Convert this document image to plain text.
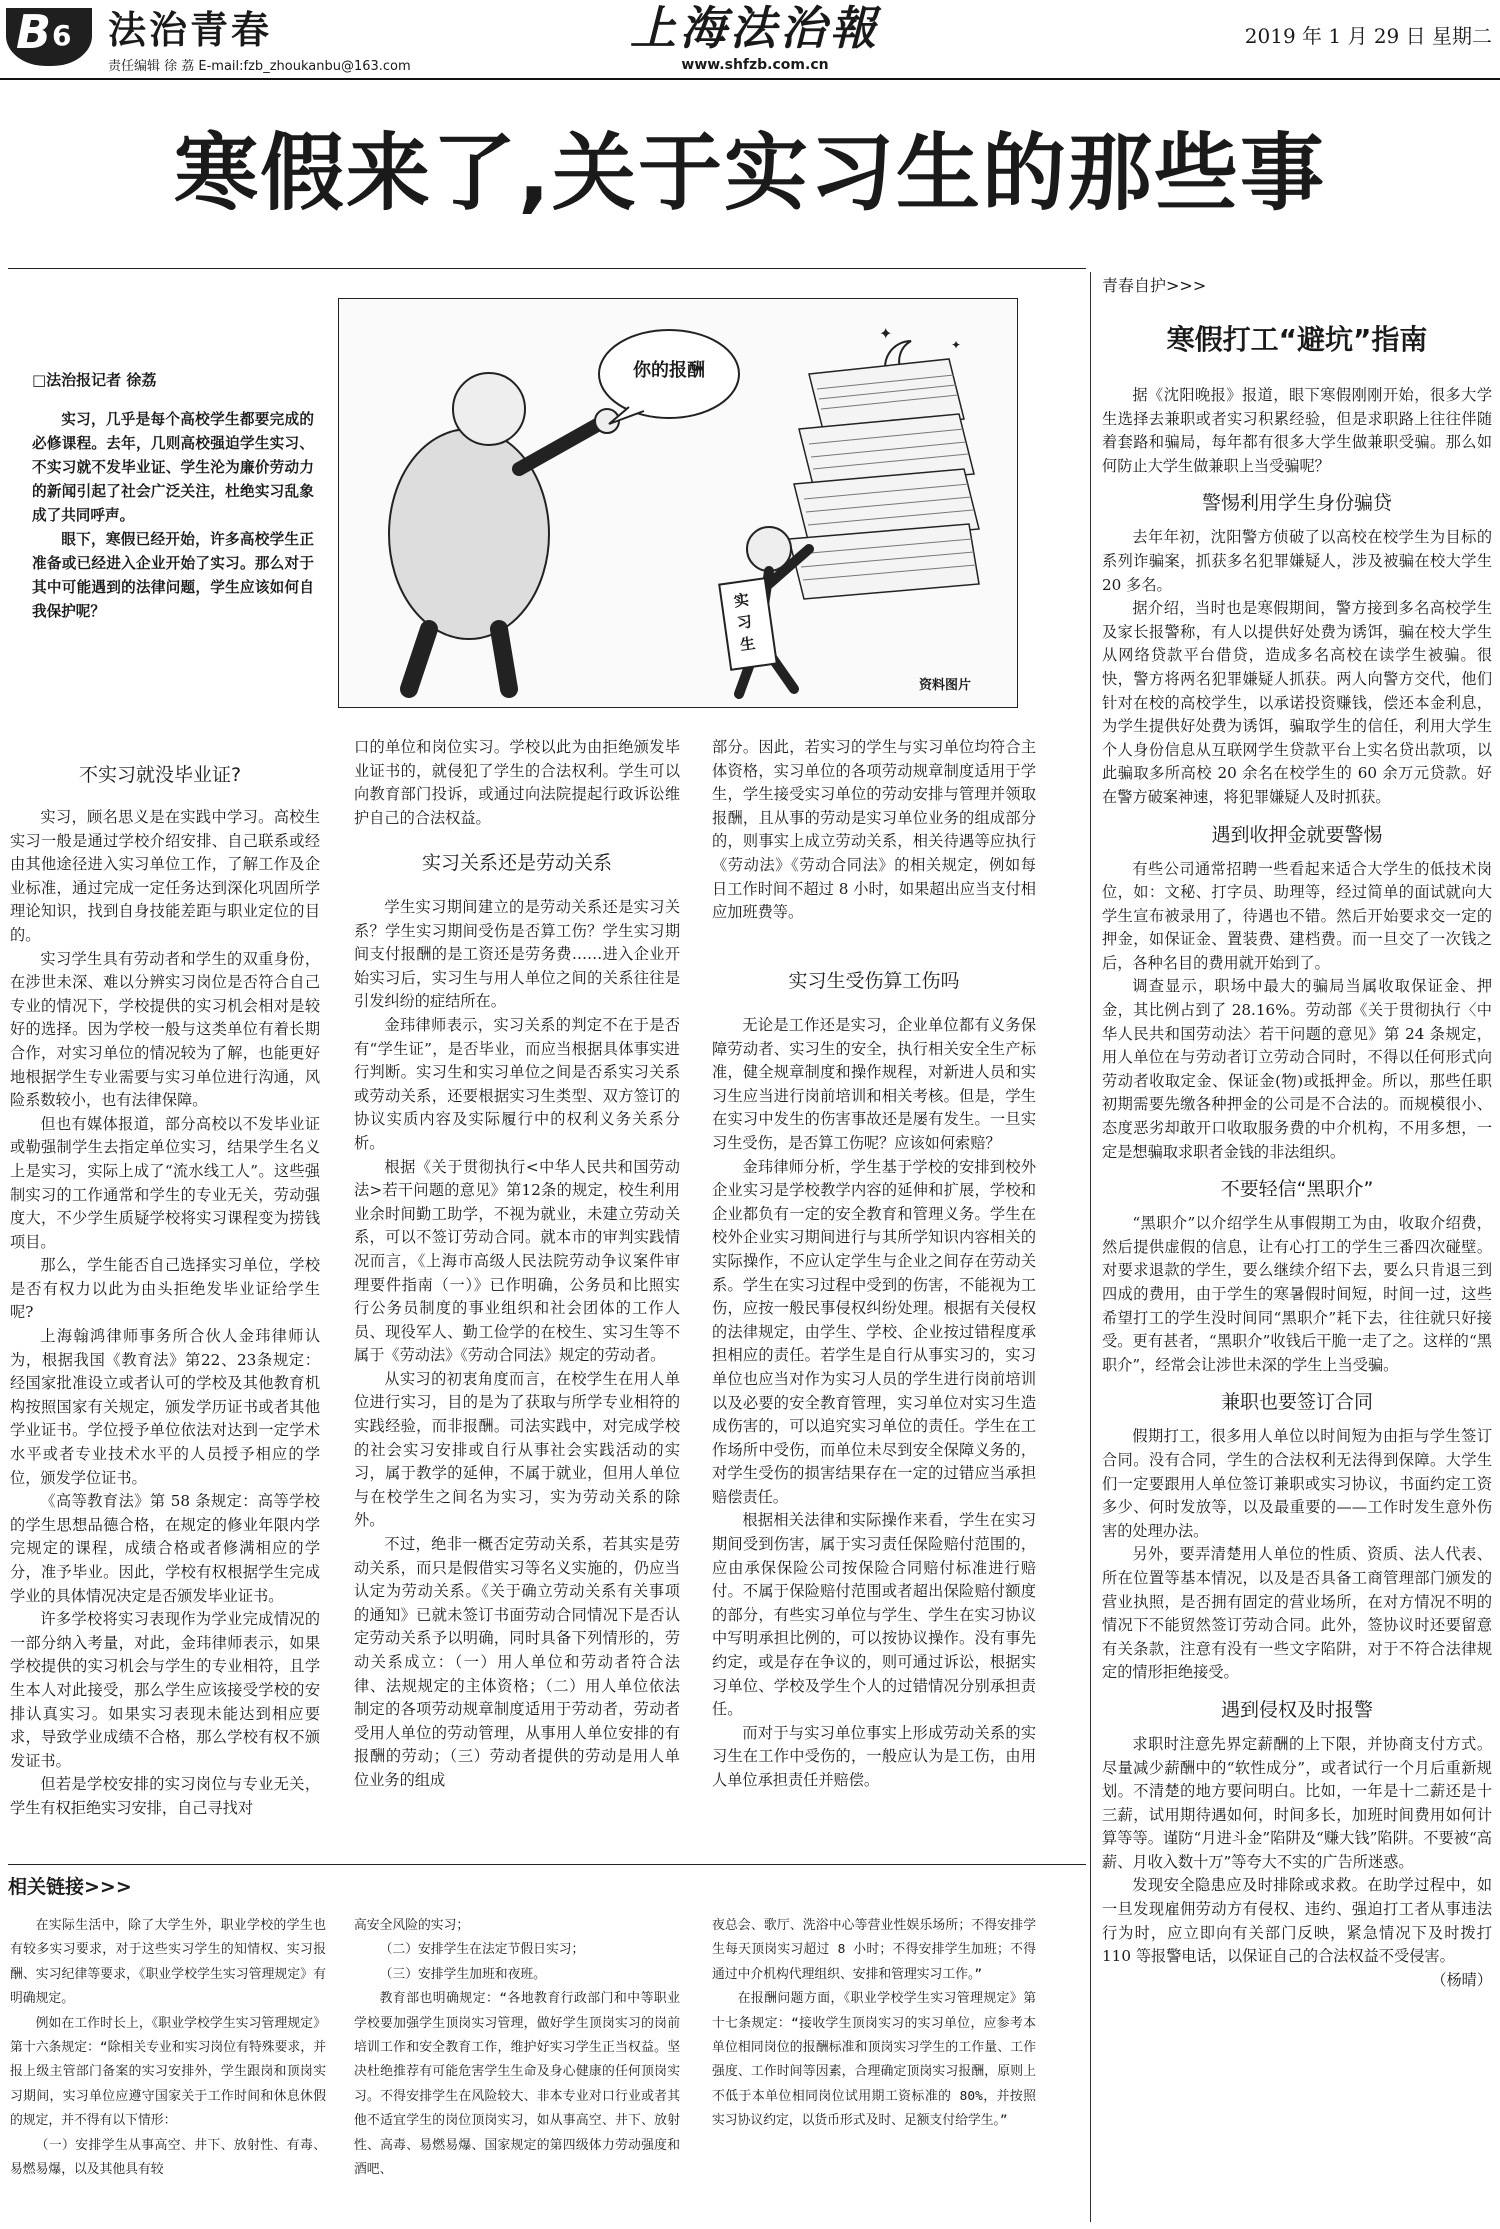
B 6 法治青春
责任编辑 徐 荔 E-mail:fzb_zhoukanbu@163.com
上海法治報
www.shfzb.com.cn
2019 年 1 月 29 日 星期二
寒假来了,关于实习生的那些事
□法治报记者 徐荔

实习，几乎是每个高校学生都要完成的必修课程。去年，几则高校强迫学生实习、不实习就不发毕业证、学生沦为廉价劳动力的新闻引起了社会广泛关注，杜绝实习乱象成了共同呼声。

眼下，寒假已经开始，许多高校学生正准备或已经进入企业开始了实习。那么对于其中可能遇到的法律问题，学生应该如何自我保护呢？

✦
✦
你的报酬
实习生
资料图片
不实习就没毕业证?

实习，顾名思义是在实践中学习。高校生实习一般是通过学校介绍安排、自己联系或经由其他途径进入实习单位工作，了解工作及企业标准，通过完成一定任务达到深化巩固所学理论知识，找到自身技能差距与职业定位的目的。

实习学生具有劳动者和学生的双重身份，在涉世未深、难以分辨实习岗位是否符合自己专业的情况下，学校提供的实习机会相对是较好的选择。因为学校一般与这类单位有着长期合作，对实习单位的情况较为了解，也能更好地根据学生专业需要与实习单位进行沟通，风险系数较小，也有法律保障。

但也有媒体报道，部分高校以不发毕业证或勒强制学生去指定单位实习，结果学生名义上是实习，实际上成了“流水线工人”。这些强制实习的工作通常和学生的专业无关，劳动强度大，不少学生质疑学校将实习课程变为捞钱项目。

那么，学生能否自己选择实习单位，学校是否有权力以此为由头拒绝发毕业证给学生呢?

上海翰鸿律师事务所合伙人金玮律师认为，根据我国《教育法》第22、23条规定：经国家批准设立或者认可的学校及其他教育机构按照国家有关规定，颁发学历证书或者其他学业证书。学位授予单位依法对达到一定学术水平或者专业技术水平的人员授予相应的学位，颁发学位证书。

《高等教育法》第 58 条规定：高等学校的学生思想品德合格，在规定的修业年限内学完规定的课程，成绩合格或者修满相应的学分，准予毕业。因此，学校有权根据学生完成学业的具体情况决定是否颁发毕业证书。

许多学校将实习表现作为学业完成情况的一部分纳入考量，对此，金玮律师表示，如果学校提供的实习机会与学生的专业相符，且学生本人对此接受，那么学生应该接受学校的安排认真实习。如果实习表现未能达到相应要求，导致学业成绩不合格，那么学校有权不颁发证书。

但若是学校安排的实习岗位与专业无关，学生有权拒绝实习安排，自己寻找对

口的单位和岗位实习。学校以此为由拒绝颁发毕业证书的，就侵犯了学生的合法权利。学生可以向教育部门投诉，或通过向法院提起行政诉讼维护自己的合法权益。

实习关系还是劳动关系

学生实习期间建立的是劳动关系还是实习关系？学生实习期间受伤是否算工伤？学生实习期间支付报酬的是工资还是劳务费……进入企业开始实习后，实习生与用人单位之间的关系往往是引发纠纷的症结所在。

金玮律师表示，实习关系的判定不在于是否有“学生证”，是否毕业，而应当根据具体事实进行判断。实习生和实习单位之间是否系实习关系或劳动关系，还要根据实习生类型、双方签订的协议实质内容及实际履行中的权利义务关系分析。

根据《关于贯彻执行<中华人民共和国劳动法>若干问题的意见》第12条的规定，校生利用业余时间勤工助学，不视为就业，未建立劳动关系，可以不签订劳动合同。就本市的审判实践情况而言，《上海市高级人民法院劳动争议案件审理要件指南（一）》已作明确，公务员和比照实行公务员制度的事业组织和社会团体的工作人员、现役军人、勤工俭学的在校生、实习生等不属于《劳动法》《劳动合同法》规定的劳动者。

从实习的初衷角度而言，在校学生在用人单位进行实习，目的是为了获取与所学专业相符的实践经验，而非报酬。司法实践中，对完成学校的社会实习安排或自行从事社会实践活动的实习，属于教学的延伸，不属于就业，但用人单位与在校学生之间名为实习，实为劳动关系的除外。

不过，绝非一概否定劳动关系，若其实是劳动关系，而只是假借实习等名义实施的，仍应当认定为劳动关系。《关于确立劳动关系有关事项的通知》已就未签订书面劳动合同情况下是否认定劳动关系予以明确，同时具备下列情形的，劳动关系成立：（一）用人单位和劳动者符合法律、法规规定的主体资格；（二）用人单位依法制定的各项劳动规章制度适用于劳动者，劳动者受用人单位的劳动管理，从事用人单位安排的有报酬的劳动；（三）劳动者提供的劳动是用人单位业务的组成

部分。因此，若实习的学生与实习单位均符合主体资格，实习单位的各项劳动规章制度适用于学生，学生接受实习单位的劳动安排与管理并领取报酬，且从事的劳动是实习单位业务的组成部分的，则事实上成立劳动关系，相关待遇等应执行《劳动法》《劳动合同法》的相关规定，例如每日工作时间不超过 8 小时，如果超出应当支付相应加班费等。

实习生受伤算工伤吗

无论是工作还是实习，企业单位都有义务保障劳动者、实习生的安全，执行相关安全生产标准，健全规章制度和操作规程，对新进人员和实习生应当进行岗前培训和相关考核。但是，学生在实习中发生的伤害事故还是屡有发生。一旦实习生受伤，是否算工伤呢？应该如何索赔？

金玮律师分析，学生基于学校的安排到校外企业实习是学校教学内容的延伸和扩展，学校和企业都负有一定的安全教育和管理义务。学生在校外企业实习期间进行与其所学知识内容相关的实际操作，不应认定学生与企业之间存在劳动关系。学生在实习过程中受到的伤害，不能视为工伤，应按一般民事侵权纠纷处理。根据有关侵权的法律规定，由学生、学校、企业按过错程度承担相应的责任。若学生是自行从事实习的，实习单位也应当对作为实习人员的学生进行岗前培训以及必要的安全教育管理，实习单位对实习生造成伤害的，可以追究实习单位的责任。学生在工作场所中受伤，而单位未尽到安全保障义务的，对学生受伤的损害结果存在一定的过错应当承担赔偿责任。

根据相关法律和实际操作来看，学生在实习期间受到伤害，属于实习责任保险赔付范围的，应由承保保险公司按保险合同赔付标准进行赔付。不属于保险赔付范围或者超出保险赔付额度的部分，有些实习单位与学生、学生在实习协议中写明承担比例的，可以按协议操作。没有事先约定，或是存在争议的，则可通过诉讼，根据实习单位、学校及学生个人的过错情况分别承担责任。

而对于与实习单位事实上形成劳动关系的实习生在工作中受伤的，一般应认为是工伤，由用人单位承担责任并赔偿。

相关链接>>>

在实际生活中，除了大学生外，职业学校的学生也有较多实习要求，对于这些实习学生的知情权、实习报酬、实习纪律等要求，《职业学校学生实习管理规定》有明确规定。

例如在工作时长上，《职业学校学生实习管理规定》第十六条规定：“除相关专业和实习岗位有特殊要求，并报上级主管部门备案的实习安排外，学生跟岗和顶岗实习期间，实习单位应遵守国家关于工作时间和休息休假的规定，并不得有以下情形：

（一）安排学生从事高空、井下、放射性、有毒、易燃易爆，以及其他具有较

高安全风险的实习；

（二）安排学生在法定节假日实习；

（三）安排学生加班和夜班。

教育部也明确规定：“各地教育行政部门和中等职业学校要加强学生顶岗实习管理，做好学生顶岗实习的岗前培训工作和安全教育工作，维护好实习学生正当权益。坚决杜绝推荐有可能危害学生生命及身心健康的任何顶岗实习。不得安排学生在风险较大、非本专业对口行业或者其他不适宜学生的岗位顶岗实习，如从事高空、井下、放射性、高毒、易燃易爆、国家规定的第四级体力劳动强度和酒吧、

夜总会、歌厅、洗浴中心等营业性娱乐场所；不得安排学生每天顶岗实习超过 8 小时；不得安排学生加班；不得通过中介机构代理组织、安排和管理实习工作。”

在报酬问题方面，《职业学校学生实习管理规定》第十七条规定：“接收学生顶岗实习的实习单位，应参考本单位相同岗位的报酬标准和顶岗实习学生的工作量、工作强度、工作时间等因素，合理确定顶岗实习报酬，原则上不低于本单位相同岗位试用期工资标准的 80%，并按照实习协议约定，以货币形式及时、足额支付给学生。”

青春自护>>>
寒假打工“避坑”指南

据《沈阳晚报》报道，眼下寒假刚刚开始，很多大学生选择去兼职或者实习积累经验，但是求职路上往往伴随着套路和骗局，每年都有很多大学生做兼职受骗。那么如何防止大学生做兼职上当受骗呢？

警惕利用学生身份骗贷

去年年初，沈阳警方侦破了以高校在校学生为目标的系列诈骗案，抓获多名犯罪嫌疑人，涉及被骗在校大学生 20 多名。

据介绍，当时也是寒假期间，警方接到多名高校学生及家长报警称，有人以提供好处费为诱饵，骗在校大学生从网络贷款平台借贷，造成多名高校在读学生被骗。很快，警方将两名犯罪嫌疑人抓获。两人向警方交代，他们针对在校的高校学生，以承诺投资赚钱，偿还本金利息，为学生提供好处费为诱饵，骗取学生的信任，利用大学生个人身份信息从互联网学生贷款平台上实名贷出款项，以此骗取多所高校 20 余名在校学生的 60 余万元贷款。好在警方破案神速，将犯罪嫌疑人及时抓获。

遇到收押金就要警惕

有些公司通常招聘一些看起来适合大学生的低技术岗位，如：文秘、打字员、助理等，经过简单的面试就向大学生宣布被录用了，待遇也不错。然后开始要求交一定的押金，如保证金、置装费、建档费。而一旦交了一次钱之后，各种名目的费用就开始到了。

调查显示，职场中最大的骗局当属收取保证金、押金，其比例占到了 28.16%。劳动部《关于贯彻执行〈中华人民共和国劳动法〉若干问题的意见》第 24 条规定，用人单位在与劳动者订立劳动合同时，不得以任何形式向劳动者收取定金、保证金(物)或抵押金。所以，那些任职初期需要先缴各种押金的公司是不合法的。而规模很小、态度恶劣却敢开口收取服务费的中介机构，不用多想，一定是想骗取求职者金钱的非法组织。

不要轻信“黑职介”

“黑职介”以介绍学生从事假期工为由，收取介绍费，然后提供虚假的信息，让有心打工的学生三番四次碰壁。对要求退款的学生，要么继续介绍下去，要么只肯退三到四成的费用，由于学生的寒暑假时间短，时间一过，这些希望打工的学生没时间同“黑职介”耗下去，往往就只好接受。更有甚者，“黑职介”收钱后干脆一走了之。这样的“黑职介”，经常会让涉世未深的学生上当受骗。

兼职也要签订合同

假期打工，很多用人单位以时间短为由拒与学生签订合同。没有合同，学生的合法权利无法得到保障。大学生们一定要跟用人单位签订兼职或实习协议，书面约定工资多少、何时发放等，以及最重要的——工作时发生意外伤害的处理办法。

另外，要弄清楚用人单位的性质、资质、法人代表、所在位置等基本情况，以及是否具备工商管理部门颁发的营业执照，是否拥有固定的营业场所，在对方情况不明的情况下不能贸然签订劳动合同。此外，签协议时还要留意有关条款，注意有没有一些文字陷阱，对于不符合法律规定的情形拒绝接受。

遇到侵权及时报警

求职时注意先界定薪酬的上下限，并协商支付方式。尽量减少薪酬中的“软性成分”，或者试行一个月后重新规划。不清楚的地方要问明白。比如，一年是十二薪还是十三薪，试用期待遇如何，时间多长，加班时间费用如何计算等等。谨防“月进斗金”陷阱及“赚大钱”陷阱。不要被“高薪、月收入数十万”等夸大不实的广告所迷惑。

发现安全隐患应及时排除或求救。在助学过程中，如一旦发现雇佣劳动方有侵权、违约、强迫打工者从事违法行为时，应立即向有关部门反映，紧急情况下及时拨打 110 等报警电话，以保证自己的合法权益不受侵害。

（杨晴）
